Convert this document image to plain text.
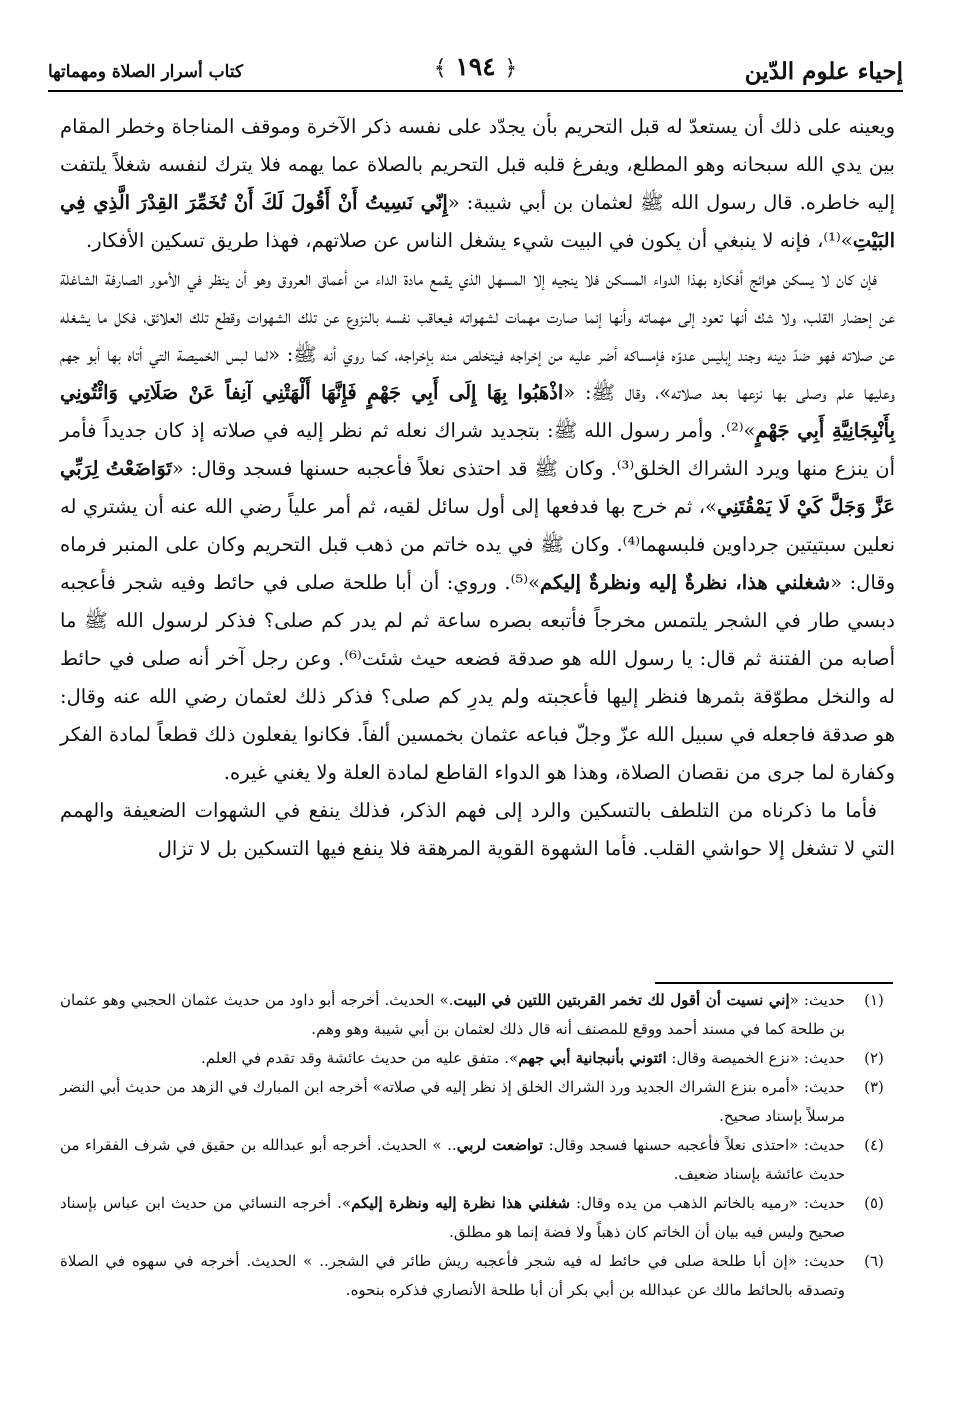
إحياء علوم الدّين
﴿ ١٩٤ ﴾
كتاب أسرار الصلاة ومهماتها

ويعينه على ذلك أن يستعدّ له قبل التحريم بأن يجدّد على نفسه ذكر الآخرة وموقف المناجاة وخطر المقام بين يدي الله سبحانه وهو المطلع، ويفرغ قلبه قبل التحريم بالصلاة عما يهمه فلا يترك لنفسه شغلاً يلتفت إليه خاطره. قال رسول الله ﷺ لعثمان بن أبي شيبة: «إِنّي نَسِيتُ أَنْ أَقُولَ لَكَ أَنْ تُخَمِّرَ القِدْرَ الَّذِي فِي البَيْتِ»⁽¹⁾، فإنه لا ينبغي أن يكون في البيت شيء يشغل الناس عن صلاتهم، فهذا طريق تسكين الأفكار.

فإن كان لا يسكن هوائج أفكاره بهذا الدواء المسكن فلا ينجيه إلا المسهل الذي يقمع مادة الداء من أعماق العروق وهو أن ينظر في الأمور الصارفة الشاغلة عن إحضار القلب، ولا شك أنها تعود إلى مهماته وأنها إنما صارت مهمات لشهواته فيعاقب نفسه بالنزوع عن تلك الشهوات وقطع تلك العلائق، فكل ما يشغله عن صلاته فهو ضدّ دينه وجند إبليس عدوّه فإمساكه أضر عليه من إخراجه فيتخلص منه بإخراجه، كما روي أنه ﷺ: «لما لبس الخميصة التي أتاه بها أبو جهم وعليها علم وصلى بها نزعها بعد صلاته»، وقال ﷺ: «اذْهَبُوا بِهَا إِلَى أَبِي جَهْمٍ فَإِنَّهَا أَلْهَتْنِي آنِفاً عَنْ صَلَاتِي وَائْتُونِي بِأَنْبِجَانِيَّةِ أَبِي جَهْمٍ»⁽²⁾. وأمر رسول الله ﷺ: بتجديد شراك نعله ثم نظر إليه في صلاته إذ كان جديداً فأمر أن ينزع منها ويرد الشراك الخلق⁽³⁾. وكان ﷺ قد احتذى نعلاً فأعجبه حسنها فسجد وقال: «تَوَاضَعْتُ لِرَبِّي عَزَّ وَجَلَّ كَيْ لَا يَمْقُتَنِي»، ثم خرج بها فدفعها إلى أول سائل لقيه، ثم أمر علياً رضي الله عنه أن يشتري له نعلين سبتيتين جرداوين فلبسهما⁽⁴⁾. وكان ﷺ في يده خاتم من ذهب قبل التحريم وكان على المنبر فرماه وقال: «شغلني هذا، نظرةٌ إليه ونظرةٌ إليكم»⁽⁵⁾. وروي: أن أبا طلحة صلى في حائط وفيه شجر فأعجبه دبسي طار في الشجر يلتمس مخرجاً فأتبعه بصره ساعة ثم لم يدر كم صلى؟ فذكر لرسول الله ﷺ ما أصابه من الفتنة ثم قال: يا رسول الله هو صدقة فضعه حيث شئت⁽⁶⁾. وعن رجل آخر أنه صلى في حائط له والنخل مطوّقة بثمرها فنظر إليها فأعجبته ولم يدرِ كم صلى؟ فذكر ذلك لعثمان رضي الله عنه وقال: هو صدقة فاجعله في سبيل الله عزّ وجلّ فباعه عثمان بخمسين ألفاً. فكانوا يفعلون ذلك قطعاً لمادة الفكر وكفارة لما جرى من نقصان الصلاة، وهذا هو الدواء القاطع لمادة العلة ولا يغني غيره.

فأما ما ذكرناه من التلطف بالتسكين والرد إلى فهم الذكر، فذلك ينفع في الشهوات الضعيفة والهمم التي لا تشغل إلا حواشي القلب. فأما الشهوة القوية المرهقة فلا ينفع فيها التسكين بل لا تزال

(١)
حديث: «إني نسيت أن أقول لك تخمر القربتين اللتين في البيت.» الحديث. أخرجه أبو داود من حديث عثمان الحجبي وهو عثمان بن طلحة كما في مسند أحمد ووقع للمصنف أنه قال ذلك لعثمان بن أبي شيبة وهو وهم.
(٢)
حديث: «نزع الخميصة وقال: ائتوني بأنبجانية أبي جهم». متفق عليه من حديث عائشة وقد تقدم في العلم.
(٣)
حديث: «أمره بنزع الشراك الجديد ورد الشراك الخلق إذ نظر إليه في صلاته» أخرجه ابن المبارك في الزهد من حديث أبي النضر مرسلاً بإسناد صحيح.
(٤)
حديث: «احتذى نعلاً فأعجبه حسنها فسجد وقال: تواضعت لربي.. » الحديث. أخرجه أبو عبدالله بن حقيق في شرف الفقراء من حديث عائشة بإسناد ضعيف.
(٥)
حديث: «رميه بالخاتم الذهب من يده وقال: شغلني هذا نظرة إليه ونظرة إليكم». أخرجه النسائي من حديث ابن عباس بإسناد صحيح وليس فيه بيان أن الخاتم كان ذهباً ولا فضة إنما هو مطلق.
(٦)
حديث: «إن أبا طلحة صلى في حائط له فيه شجر فأعجبه ريش طائر في الشجر.. » الحديث. أخرجه في سهوه في الصلاة وتصدقه بالحائط مالك عن عبدالله بن أبي بكر أن أبا طلحة الأنصاري فذكره بنحوه.
